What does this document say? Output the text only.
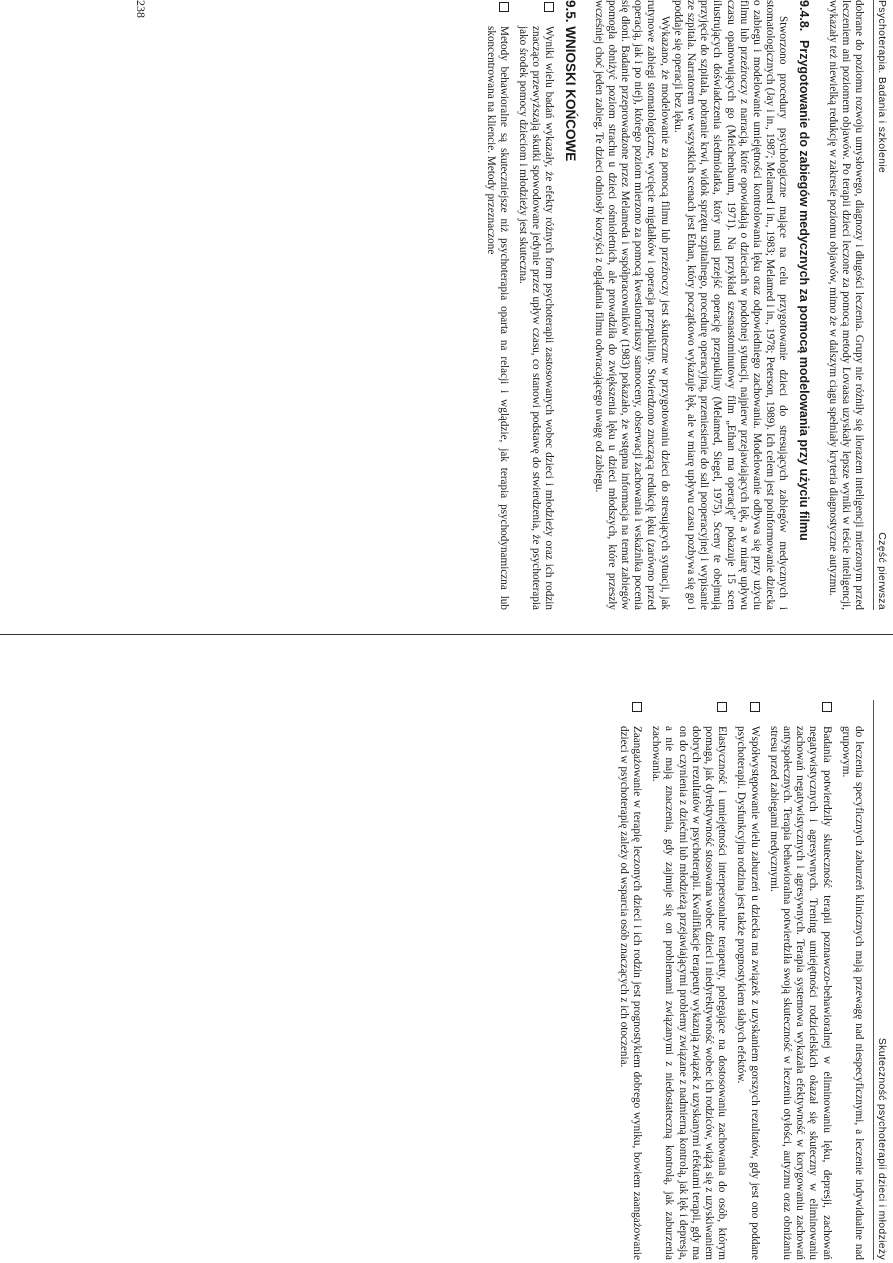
Psychoterapia. Badania i szkolenie
Część pierwsza

dobrane do poziomu rozwoju umysłowego, diagnozy i długości leczenia. Grupy nie różniły się ilorazem inteligencji mierzonym przed leczeniem ani poziomem objawów. Po terapii dzieci leczone za pomocą metody Lovaasa uzyskały lepsze wyniki w teście inteligencji, wykazały też niewielką redukcję w zakresie poziomu objawów, mimo że w dalszym ciągu spełniały kryteria diagnostyczne autyzmu.

9.4.8.Przygotowanie do zabiegów medycznych za pomocą modelowania przy użyciu filmu

Stworzono procedury psychologiczne mające na celu przygotowanie dzieci do stresujących zabiegów medycznych i stomatologicznych (Jay i in., 1987; Melamed i in., 1983; Melamed i in., 1978; Peterson, 1989). Ich celem jest poinformowanie dziecka o zabiegu i modelowanie umiejętności kontrolowania lęku oraz odpowiedniego zachowania. Modelowanie odbywa się przy użyciu filmu lub przeźroczy z narracją, które opowiadają o dzieciach w podobnej sytuacji, najpierw przejawiających lęk, a w miarę upływu czasu opanowujących go (Meichenbaum, 1971). Na przykład szesnastominutowy film „Ethan ma operację” pokazuje 15 scen ilustrujących doświadczenia siedmiolatka, który musi przejść operację przepukliny (Melamed, Siegel, 1975). Sceny te obejmują przyjęcie do szpitala, pobranie krwi, widok sprzętu szpitalnego, procedurę operacyjną, przeniesienie do sali pooperacyjnej i wypisanie ze szpitala. Narratorem we wszystkich scenach jest Ethan, który początkowo wykazuje lęk, ale w miarę upływu czasu pozbywa się go i poddaje się operacji bez lęku.

Wykazano, że modelowanie za pomocą filmu lub przeźroczy jest skuteczne w przygotowaniu dzieci do stresujących sytuacji, jak rutynowe zabiegi stomatologiczne, wycięcie migdałków i operacja przepukliny. Stwierdzono znaczącą redukcję lęku (zarówno przed operacją, jak i po niej), którego poziom mierzono za pomocą kwestionariuszy samooceny, obserwacji zachowania i wskaźnika pocenia się dłoni. Badanie przeprowadzone przez Melameda i współpracowników (1983) pokazało, że wstępna informacja na temat zabiegów pomogła obniżyć poziom strachu u dzieci ośmioletnich, ale prowadziła do zwiększenia lęku u dzieci młodszych, które przeszły wcześniej choć jeden zabieg. Te dzieci odniosły korzyści z oglądania filmu odwracającego uwagę od zabiegu.

9.5. WNIOSKI KOŃCOWE
Wyniki wielu badań wykazały, że efekty różnych form psychoterapii zastosowanych wobec dzieci i młodzieży oraz ich rodzin znacząco przewyższają skutki spowodowane jedynie przez upływ czasu, co stanowi podstawę do stwierdzenia, że psychoterapia jako środek pomocy dzieciom i młodzieży jest skuteczna.
Metody behawioralne są skuteczniejsze niż psychoterapia oparta na relacji i wglądzie, jak terapia psychodynamiczna lub skoncentrowana na kliencie. Metody przeznaczone
238
Skuteczność psychoterapii dzieci i młodzieży

do leczenia specyficznych zaburzeń klinicznych mają przewagę nad niespecyficznymi, a leczenie indywidualne nad grupowym.

Badania potwierdziły skuteczność terapii poznawczo-behawioralnej w eliminowaniu lęku, depresji, zachowań negatywistycznych i agresywnych. Trening umiejętności rodzicielskich okazał się skuteczny w eliminowaniu zachowań negatywistycznych i agresywnych. Terapia systemowa wykazała efektywność w korygowaniu zachowań antyspołecznych. Terapia behawioralna potwierdziła swoją skuteczność w leczeniu otyłości, autyzmu oraz obniżaniu stresu przed zabiegami medycznymi.
Współwystępowanie wielu zaburzeń u dziecka ma związek z uzyskaniem gorszych rezultatów, gdy jest ono poddane psychoterapii. Dysfunkcyjna rodzina jest także prognostykiem słabych efektów.
Elastyczność i umiejętności interpersonalne terapeuty, polegające na dostosowaniu zachowania do osób, którym pomaga, jak dyrektywność stosowana wobec dzieci i niedyrektywność wobec ich rodziców, wiążą się z uzyskiwaniem dobrych rezultatów w psychoterapii. Kwalifikacje terapeuty wykazują związek z uzyskanymi efektami terapii, gdy ma on do czynienia z dziećmi lub młodzieżą przejawiającymi problemy związane z nadmierną kontrolą, jak lęk i depresja, a nie mają znaczenia, gdy zajmuje się on problemami związanymi z niedostateczną kontrolą, jak zaburzenia zachowania.
Zaangażowanie w terapię leczonych dzieci i ich rodzin jest prognostykiem dobrego wyniku, bowiem zaangażowanie dzieci w psychoterapię zależy od wsparcia osób znaczących z ich otoczenia.
